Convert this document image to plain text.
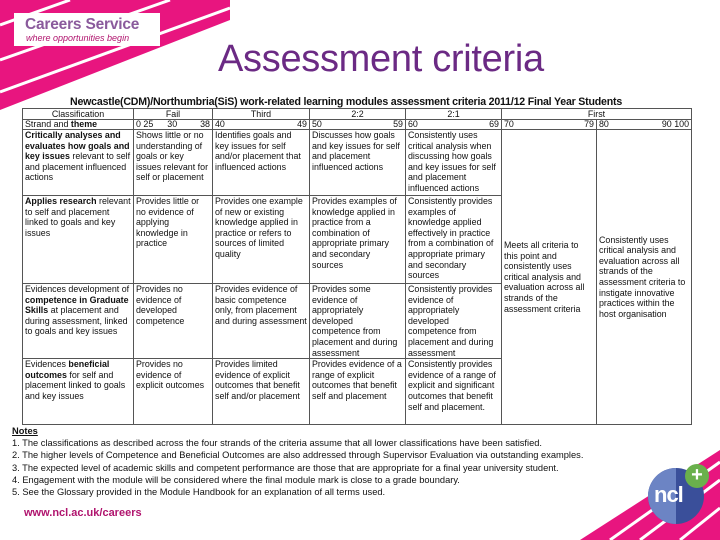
Careers Service
where opportunities begin Assessment criteria
Newcastle(CDM)/Northumbria(SiS) work-related learning modules assessment criteria 2011/12 Final Year Students
Classification	Fail	Third	2:2	2:1	First	
Strand and theme	0 25 30 38	40 49	50 59	60 69	70 79	80 90 100

Critically analyses and evaluates how goals and key issues relevant to self and placement influenced actions	Shows little or no understanding of goals or key issues relevant for self or placement	Identifies goals and key issues for self and/or placement that influenced actions	Discusses how goals and key issues for self and placement influenced actions	Consistently uses critical analysis when discussing how goals and key issues for self and placement influenced actions	Meets all criteria to this point and consistently uses critical analysis and evaluation across all strands of the assessment criteria	Consistently uses critical analysis and evaluation across all strands of the assessment criteria to instigate innovative practices within the host organisation
Applies research relevant to self and placement linked to goals and key issues	Provides little or no evidence of applying knowledge in practice	Provides one example of new or existing knowledge applied in practice or refers to sources of limited quality	Provides examples of knowledge applied in practice from a combination of appropriate primary and secondary sources	Consistently provides examples of knowledge applied effectively in practice from a combination of appropriate primary and secondary sources		
Evidences development of competence in Graduate Skills at placement and during assessment, linked to goals and key issues	Provides no evidence of developed competence	Provides evidence of basic competence only, from placement and during assessment	Provides some evidence of appropriately developed competence from placement and during assessment	Consistently provides evidence of appropriately developed competence from placement and during assessment		
Evidences beneficial outcomes for self and placement linked to goals and key issues	Provides no evidence of explicit outcomes	Provides limited evidence of explicit outcomes that benefit self and/or placement	Provides evidence of a range of explicit outcomes that benefit self and placement	Consistently provides evidence of a range of explicit and significant outcomes that benefit self and placement.		
Notes
1. The classifications as described across the four strands of the criteria assume that all lower classifications have been satisfied.
2. The higher levels of Competence and Beneficial Outcomes are also addressed through Supervisor Evaluation via outstanding examples.
3. The expected level of academic skills and competent performance are those that are appropriate for a final year university student.
4. Engagement with the module will be considered where the final module mark is close to a grade boundary.
5. See the Glossary provided in the Module Handbook for an explanation of all terms used.
www.ncl.ac.uk/careers
ncl
+
